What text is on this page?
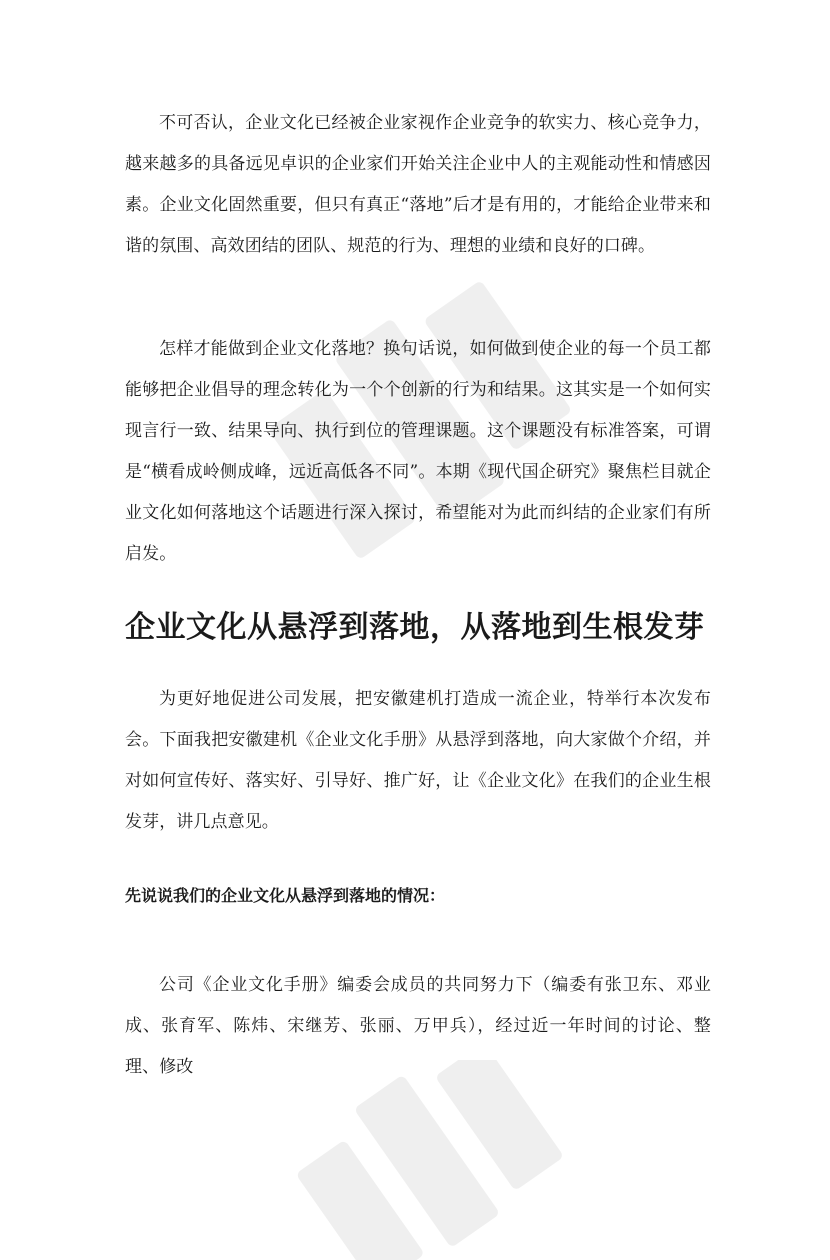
不可否认，企业文化已经被企业家视作企业竞争的软实力、核心竞争力，越来越多的具备远见卓识的企业家们开始关注企业中人的主观能动性和情感因素。企业文化固然重要，但只有真正“落地”后才是有用的，才能给企业带来和谐的氛围、高效团结的团队、规范的行为、理想的业绩和良好的口碑。

怎样才能做到企业文化落地？换句话说，如何做到使企业的每一个员工都能够把企业倡导的理念转化为一个个创新的行为和结果。这其实是一个如何实现言行一致、结果导向、执行到位的管理课题。这个课题没有标准答案，可谓是“横看成岭侧成峰，远近高低各不同”。本期《现代国企研究》聚焦栏目就企业文化如何落地这个话题进行深入探讨，希望能对为此而纠结的企业家们有所启发。

企业文化从悬浮到落地，从落地到生根发芽

为更好地促进公司发展，把安徽建机打造成一流企业，特举行本次发布会。下面我把安徽建机《企业文化手册》从悬浮到落地，向大家做个介绍，并对如何宣传好、落实好、引导好、推广好，让《企业文化》在我们的企业生根发芽，讲几点意见。

先说说我们的企业文化从悬浮到落地的情况：

公司《企业文化手册》编委会成员的共同努力下（编委有张卫东、邓业成、张育军、陈炜、宋继芳、张丽、万甲兵），经过近一年时间的讨论、整理、修改
